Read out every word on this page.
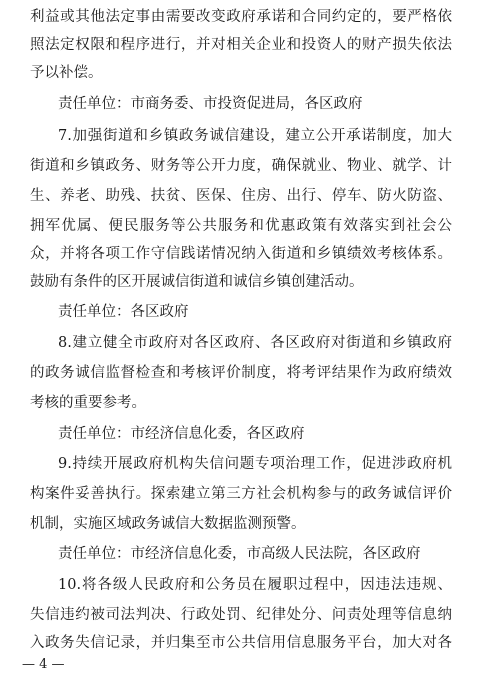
利益或其他法定事由需要改变政府承诺和合同约定的，要严格依
照法定权限和程序进行，并对相关企业和投资人的财产损失依法
予以补偿。
责任单位：市商务委、市投资促进局，各区政府
7.加强街道和乡镇政务诚信建设，建立公开承诺制度，加大
街道和乡镇政务、财务等公开力度，确保就业、物业、就学、计
生、养老、助残、扶贫、医保、住房、出行、停车、防火防盗、
拥军优属、便民服务等公共服务和优惠政策有效落实到社会公
众，并将各项工作守信践诺情况纳入街道和乡镇绩效考核体系。
鼓励有条件的区开展诚信街道和诚信乡镇创建活动。
责任单位：各区政府
8.建立健全市政府对各区政府、各区政府对街道和乡镇政府
的政务诚信监督检查和考核评价制度，将考评结果作为政府绩效
考核的重要参考。
责任单位：市经济信息化委，各区政府
9.持续开展政府机构失信问题专项治理工作，促进涉政府机
构案件妥善执行。探索建立第三方社会机构参与的政务诚信评价
机制，实施区域政务诚信大数据监测预警。
责任单位：市经济信息化委，市高级人民法院，各区政府
10.将各级人民政府和公务员在履职过程中，因违法违规、
失信违约被司法判决、行政处罚、纪律处分、问责处理等信息纳
入政务失信记录，并归集至市公共信用信息服务平台，加大对各
— 4 —
